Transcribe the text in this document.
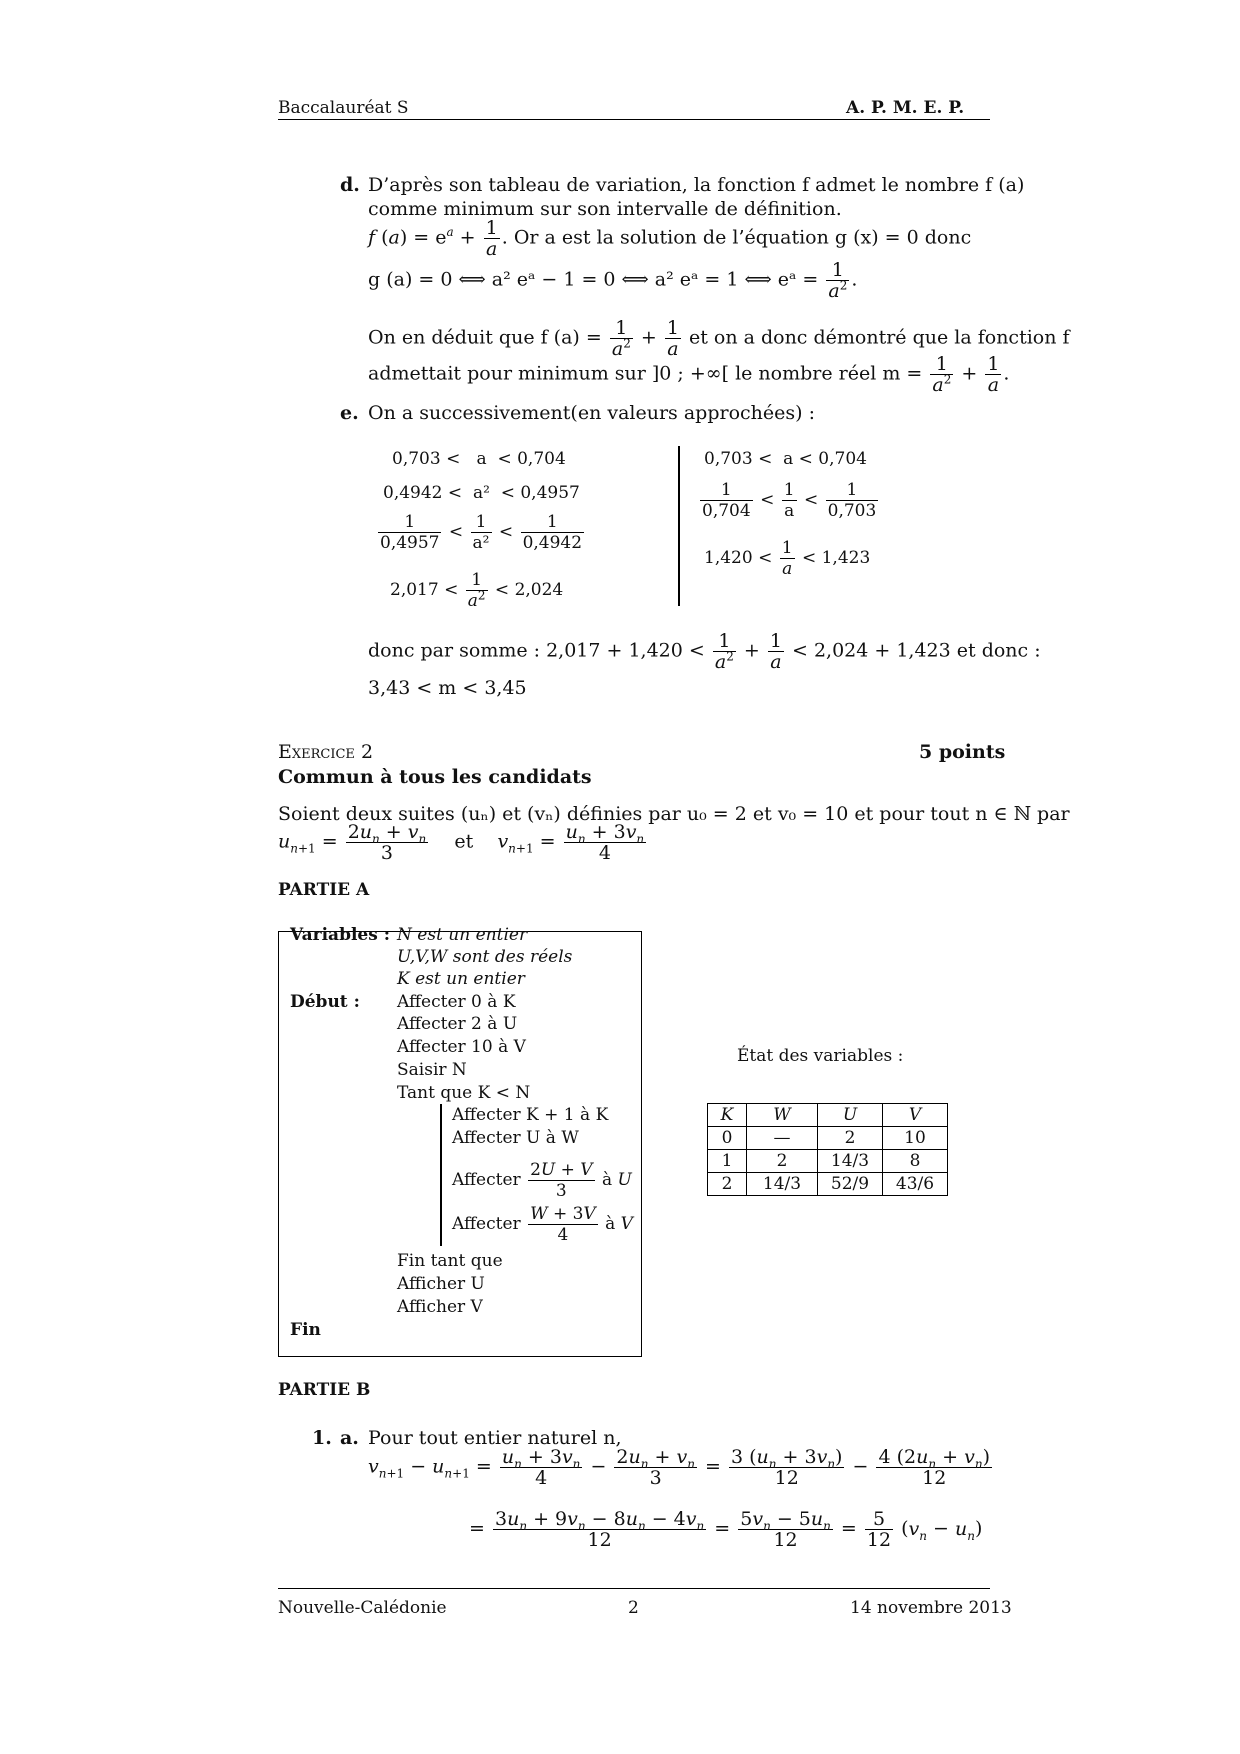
Baccalauréat S	A. P. M. E. P.
d. D’après son tableau de variation, la fonction f admet le nombre f (a)
comme minimum sur son intervalle de définition.
f $(a) = e^a + \frac{1}{a}$ . Or a est la solution de l’équation g (x) = 0 donc
g (a) = 0 ⟺ a² eᵃ − 1 = 0 ⟺ a² eᵃ = 1 ⟺ eᵃ = $\frac{1}{a^2}$ .
On en déduit que f $(a) = \frac{1}{a^2} + \frac{1}{a}$ et on a donc démontré que la fonction f
admettait pour minimum sur ]0 ; +∞[ le nombre réel $m = \frac{1}{a^2} + \frac{1}{a}$ .
e. On a successivement(en valeurs approchées) :
0,703 <   a  < 0,704
0,4942 <  a²  < 0,4957
$\frac{1}{0,4957} < \frac{1}{\text{a²}} < \frac{1}{0,4942}$
$2,017 < \frac{1}{a^2} < 2,024$
0,703 <  a < 0,704
$\frac{1}{0,704} < \frac{1}{a} < \frac{1}{0,703}$
$1,420 < \frac{1}{a} < 1,423$
donc par somme : $2,017 + 1,420 < \frac{1}{a^2} + \frac{1}{a} < 2,024 + 1,423$ et donc :
3,43 < m < 3,45
Exercice 2	5 points
Commun à tous les candidats
Soient deux suites (uₙ) et (vₙ) définies par u₀ = 2 et v₀ = 10 et pour tout n ∈ ℕ par
$u_{n+1} = \frac{2u_n + v_n}{3}$ et    $v_{n+1} = \frac{u_n + 3v_n}{4}$
PARTIE A
Variables : N est un entier
U,V,W sont des réels
K est un entier
Début : Affecter 0 à K
Affecter 2 à U
Affecter 10 à V
Saisir N
Tant que K < N
Affecter K + 1 à K
Affecter U à W
Affecter $\frac{2U + V}{3}$ à U
Affecter $\frac{W + 3V}{4}$ à V
Fin tant que
Afficher U
Afficher V
Fin
État des variables :
K	W	U	V
0	—	2	10
1	2	14/3	8
2	14/3	52/9	43/6
PARTIE B
1. a. Pour tout entier naturel n,
$v_{n+1} - u_{n+1} = \frac{u_n + 3v_n}{4} - \frac{2u_n + v_n}{3} = \frac{3 (u_n + 3v_n)}{12} - \frac{4 (2u_n + v_n)}{12}$
= $\frac{3u_n + 9v_n - 8u_n - 4v_n}{12} = \frac{5v_n - 5u_n}{12} = \frac{5}{12} (v_n - u_n)$
Nouvelle-Calédonie	2	14 novembre 2013
